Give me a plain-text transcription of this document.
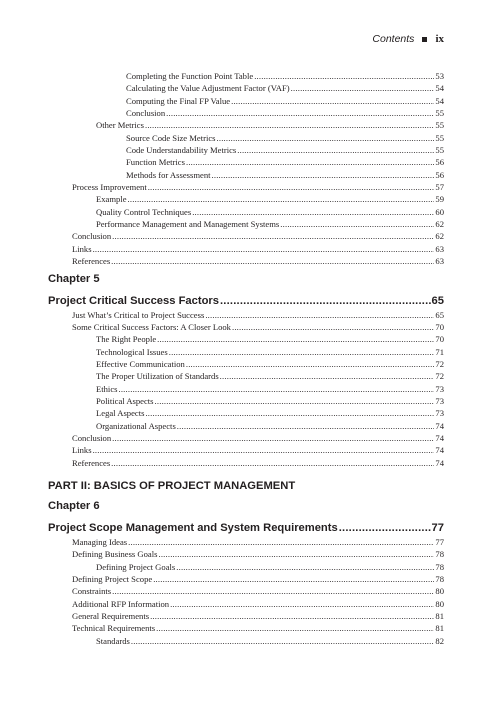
Contents ix
Completing the Function Point Table .....	53
Calculating the Value Adjustment Factor (VAF) .....	54
Computing the Final FP Value .....	54
Conclusion .....	55
Other Metrics .....	55
Source Code Size Metrics .....	55
Code Understandability Metrics .....	55
Function Metrics .....	56
Methods for Assessment .....	56
Process Improvement .....	57
Example .....	59
Quality Control Techniques .....	60
Performance Management and Management Systems .....	62
Conclusion .....	62
Links .....	63
References .....	63
Chapter 5
Project Critical Success Factors .....	65
Just What’s Critical to Project Success .....	65
Some Critical Success Factors: A Closer Look .....	70
The Right People .....	70
Technological Issues .....	71
Effective Communication .....	72
The Proper Utilization of Standards .....	72
Ethics .....	73
Political Aspects .....	73
Legal Aspects .....	73
Organizational Aspects .....	74
Conclusion .....	74
Links .....	74
References .....	74
PART II: BASICS OF PROJECT MANAGEMENT
Chapter 6
Project Scope Management and System Requirements .....	77
Managing Ideas .....	77
Defining Business Goals .....	78
Defining Project Goals .....	78
Defining Project Scope .....	78
Constraints .....	80
Additional RFP Information .....	80
General Requirements .....	81
Technical Requirements .....	81
Standards .....	82
